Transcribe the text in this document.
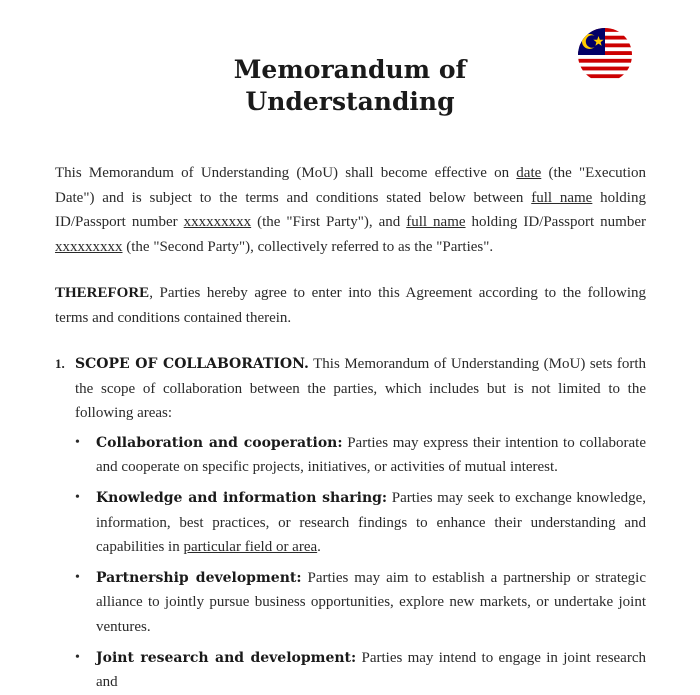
Memorandum of
Understanding

This Memorandum of Understanding (MoU) shall become effective on date (the "Execution Date") and is subject to the terms and conditions stated below between full name holding ID/Passport number xxxxxxxxx (the "First Party"), and full name holding ID/Passport number xxxxxxxxx (the "Second Party"), collectively referred to as the "Parties".

THEREFORE, Parties hereby agree to enter into this Agreement according to the following terms and conditions contained therein.

1. SCOPE OF COLLABORATION. This Memorandum of Understanding (MoU) sets forth the scope of collaboration between the parties, which includes but is not limited to the following areas:

• Collaboration and cooperation: Parties may express their intention to collaborate and cooperate on specific projects, initiatives, or activities of mutual interest.
• Knowledge and information sharing: Parties may seek to exchange knowledge, information, best practices, or research findings to enhance their understanding and capabilities in particular field or area.
• Partnership development: Parties may aim to establish a partnership or strategic alliance to jointly pursue business opportunities, explore new markets, or undertake joint ventures.
• Joint research and development: Parties may intend to engage in joint research and
